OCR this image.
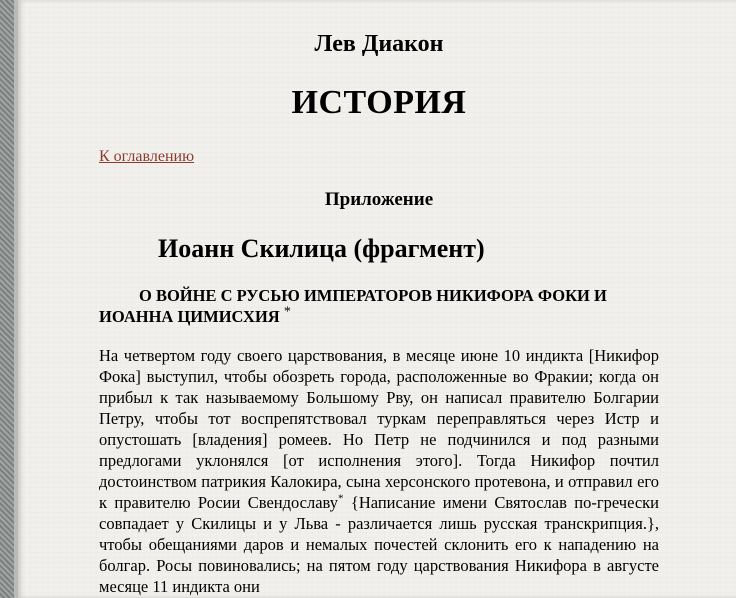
Лев Диакон
ИСТОРИЯ
К оглавлению
Приложение
Иоанн Скилица (фрагмент)

О ВОЙНЕ С РУСЬЮ ИМПЕРАТОРОВ НИКИФОРА ФОКИ И ИОАННА ЦИМИСХИЯ *

На четвертом году своего царствования, в месяце июне 10 индикта [Никифор Фока] выступил, чтобы обозреть города, расположенные во Фракии; когда он прибыл к так называемому Большому Рву, он написал правителю Болгарии Петру, чтобы тот воспрепятствовал туркам переправляться через Истр и опустошать [владения] ромеев. Но Петр не подчинился и под разными предлогами уклонялся [от исполнения этого]. Тогда Никифор почтил достоинством патрикия Калокира, сына херсонского протевона, и отправил его к правителю Росии Свендославу* {Написание имени Святослав по-гречески совпадает у Скилицы и у Льва - различается лишь русская транскрипция.}, чтобы обещаниями даров и немалых почестей склонить его к нападению на болгар. Росы повиновались; на пятом году царствования Никифора в августе месяце 11 индикта они
